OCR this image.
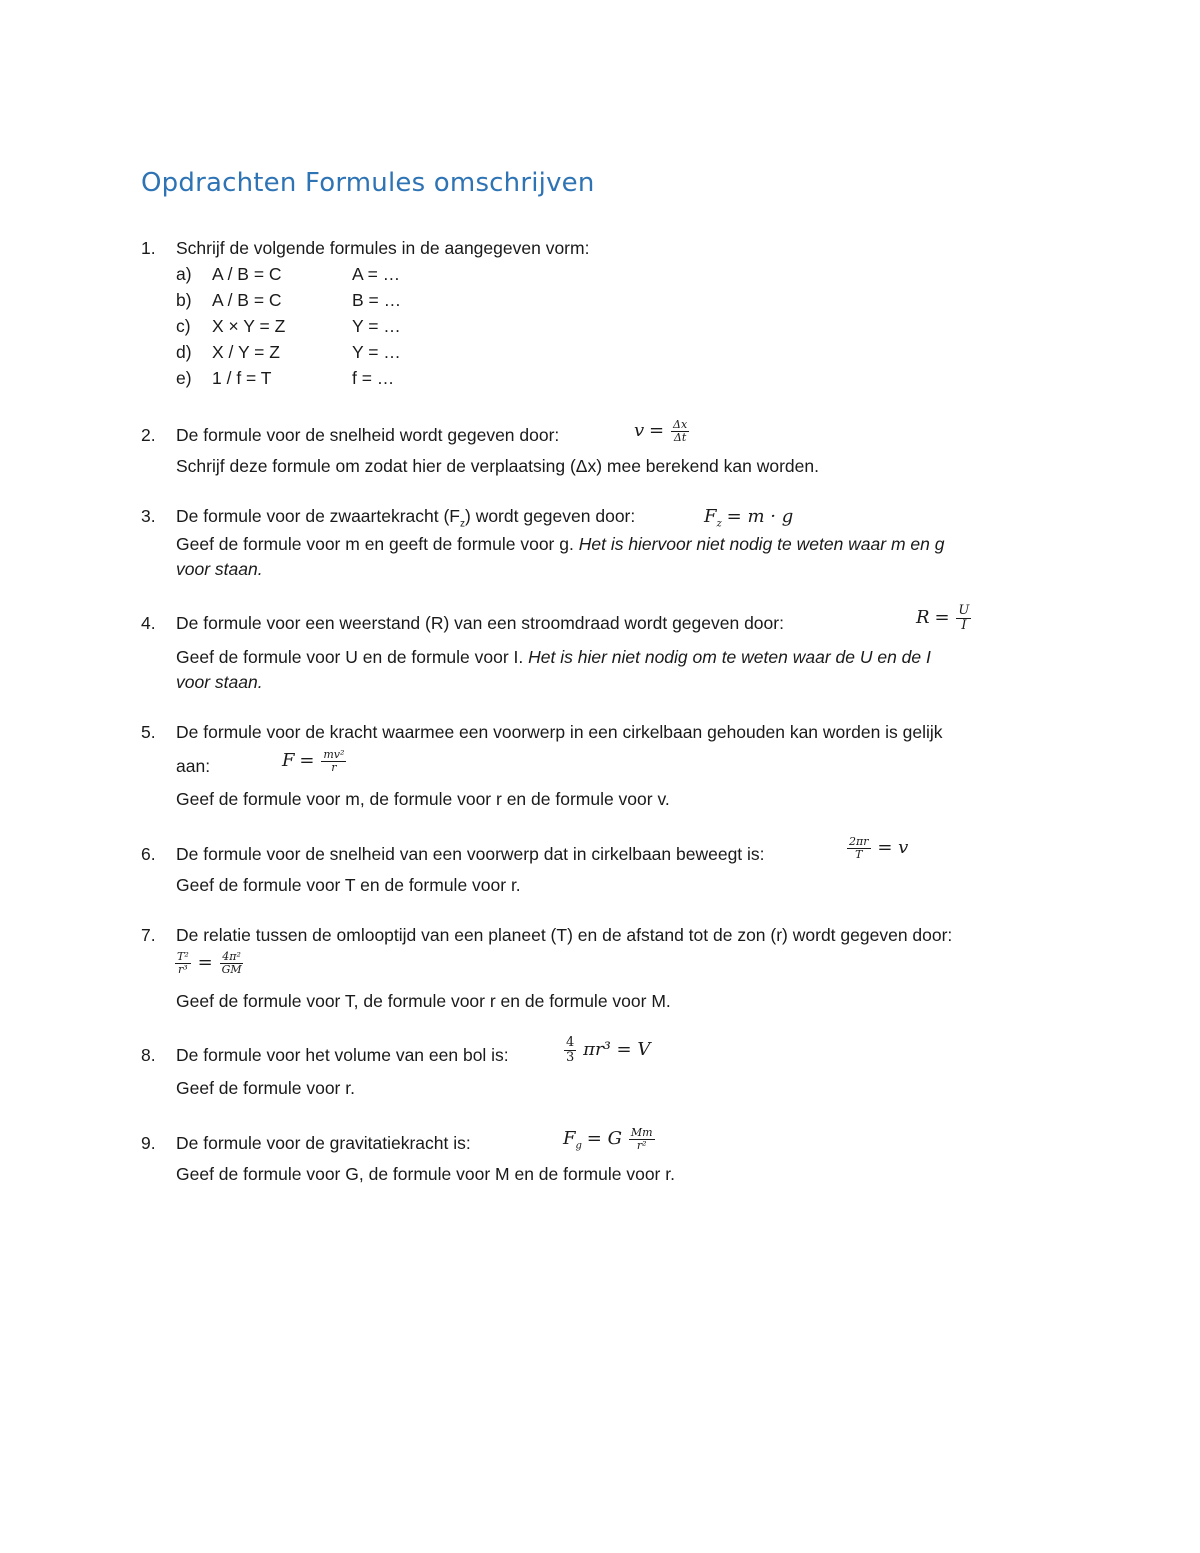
Opdrachten Formules omschrijven
1. Schrijf de volgende formules in de aangegeven vorm:
a) A / B = C	A = …
b) A / B = C	B = …
c) X × Y = Z	Y = …
d) X / Y = Z	Y = …
e) 1 / f = T	f = …
2. De formule voor de snelheid wordt gegeven door:	$v = \frac{\Delta x}{\Delta t}$
Schrijf deze formule om zodat hier de verplaatsing (Δx) mee berekend kan worden.
3. De formule voor de zwaartekracht $(F_z)$ wordt gegeven door:	$F_z = m \cdot g$
Geef de formule voor m en geeft de formule voor g. Het is hiervoor niet nodig te weten waar m en g
voor staan.
4. De formule voor een weerstand (R) van een stroomdraad wordt gegeven door:	$R = \frac{U}{I}$
Geef de formule voor U en de formule voor I. Het is hier niet nodig om te weten waar de U en de I
voor staan.
5. De formule voor de kracht waarmee een voorwerp in een cirkelbaan gehouden kan worden is gelijk
aan:	$F = \frac{\text{mv²}}{r}$
Geef de formule voor m, de formule voor r en de formule voor v.
6. De formule voor de snelheid van een voorwerp dat in cirkelbaan beweegt is:	$\frac{2\pi r}{T} = v$
Geef de formule voor T en de formule voor r.
7. De relatie tussen de omlooptijd van een planeet (T) en de afstand tot de zon (r) wordt gegeven door:
$\frac{\text{T²}}{\text{r³}} = \frac{\text{4π²}}{GM}$
Geef de formule voor T, de formule voor r en de formule voor M.
8. De formule voor het volume van een bol is:	$\frac{4}{3} \pi r^3 = V$
Geef de formule voor r.
9. De formule voor de gravitatiekracht is:	$F_g = G \frac{Mm}{\text{r²}}$
Geef de formule voor G, de formule voor M en de formule voor r.
